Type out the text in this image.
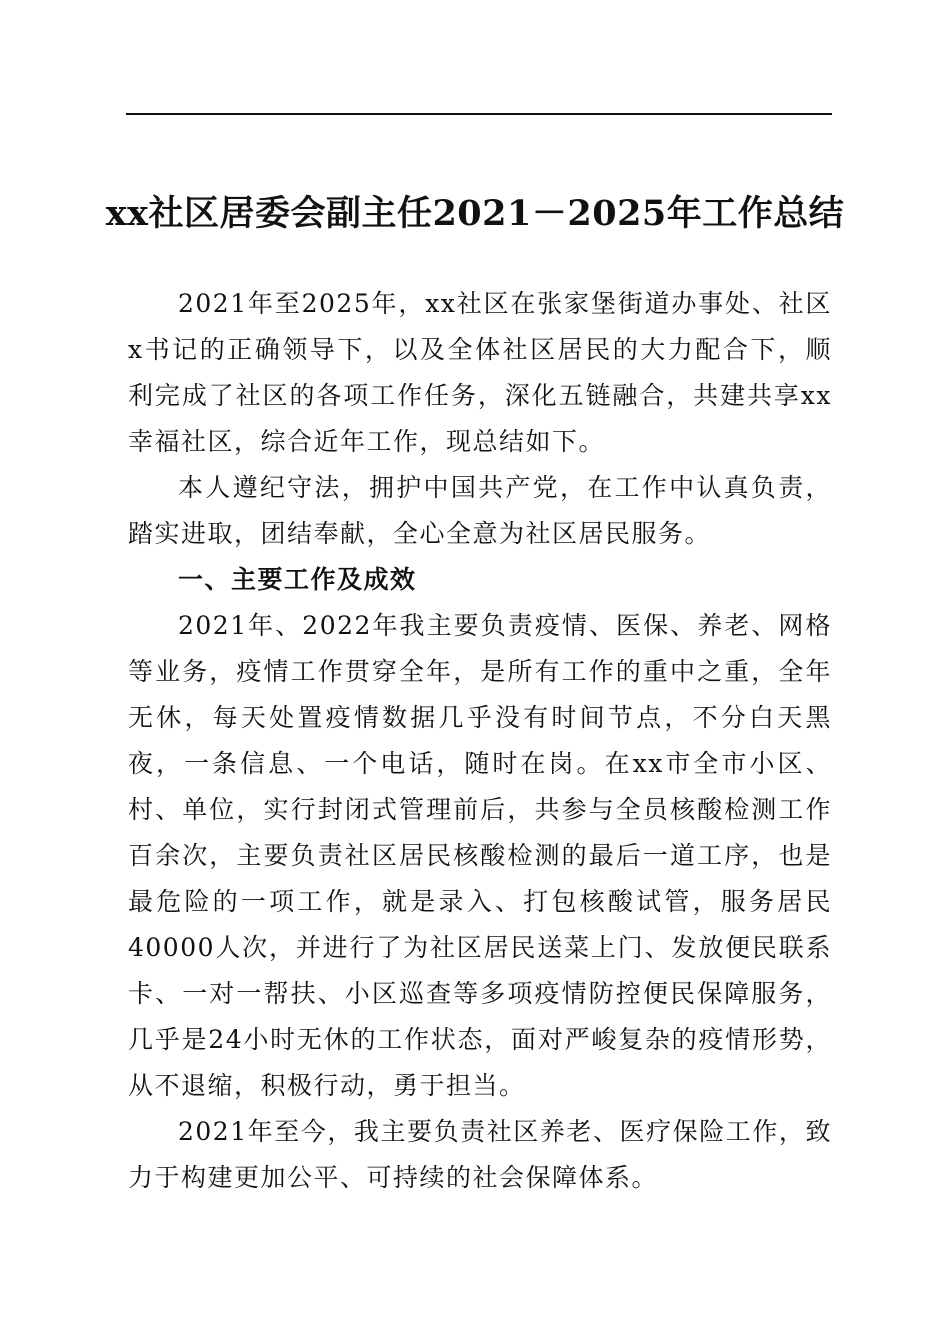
xx社区居委会副主任2021－2025年工作总结

2021年至2025年，xx社区在张家堡街道办事处、社区x书记的正确领导下，以及全体社区居民的大力配合下，顺利完成了社区的各项工作任务，深化五链融合，共建共享xx幸福社区，综合近年工作，现总结如下。

本人遵纪守法，拥护中国共产党，在工作中认真负责，踏实进取，团结奉献，全心全意为社区居民服务。

一、主要工作及成效

2021年、2022年我主要负责疫情、医保、养老、网格等业务，疫情工作贯穿全年，是所有工作的重中之重，全年无休，每天处置疫情数据几乎没有时间节点，不分白天黑夜，一条信息、一个电话，随时在岗。在xx市全市小区、村、单位，实行封闭式管理前后，共参与全员核酸检测工作百余次，主要负责社区居民核酸检测的最后一道工序，也是最危险的一项工作，就是录入、打包核酸试管，服务居民40000人次，并进行了为社区居民送菜上门、发放便民联系卡、一对一帮扶、小区巡查等多项疫情防控便民保障服务，几乎是24小时无休的工作状态，面对严峻复杂的疫情形势，从不退缩，积极行动，勇于担当。

2021年至今，我主要负责社区养老、医疗保险工作，致力于构建更加公平、可持续的社会保障体系。
